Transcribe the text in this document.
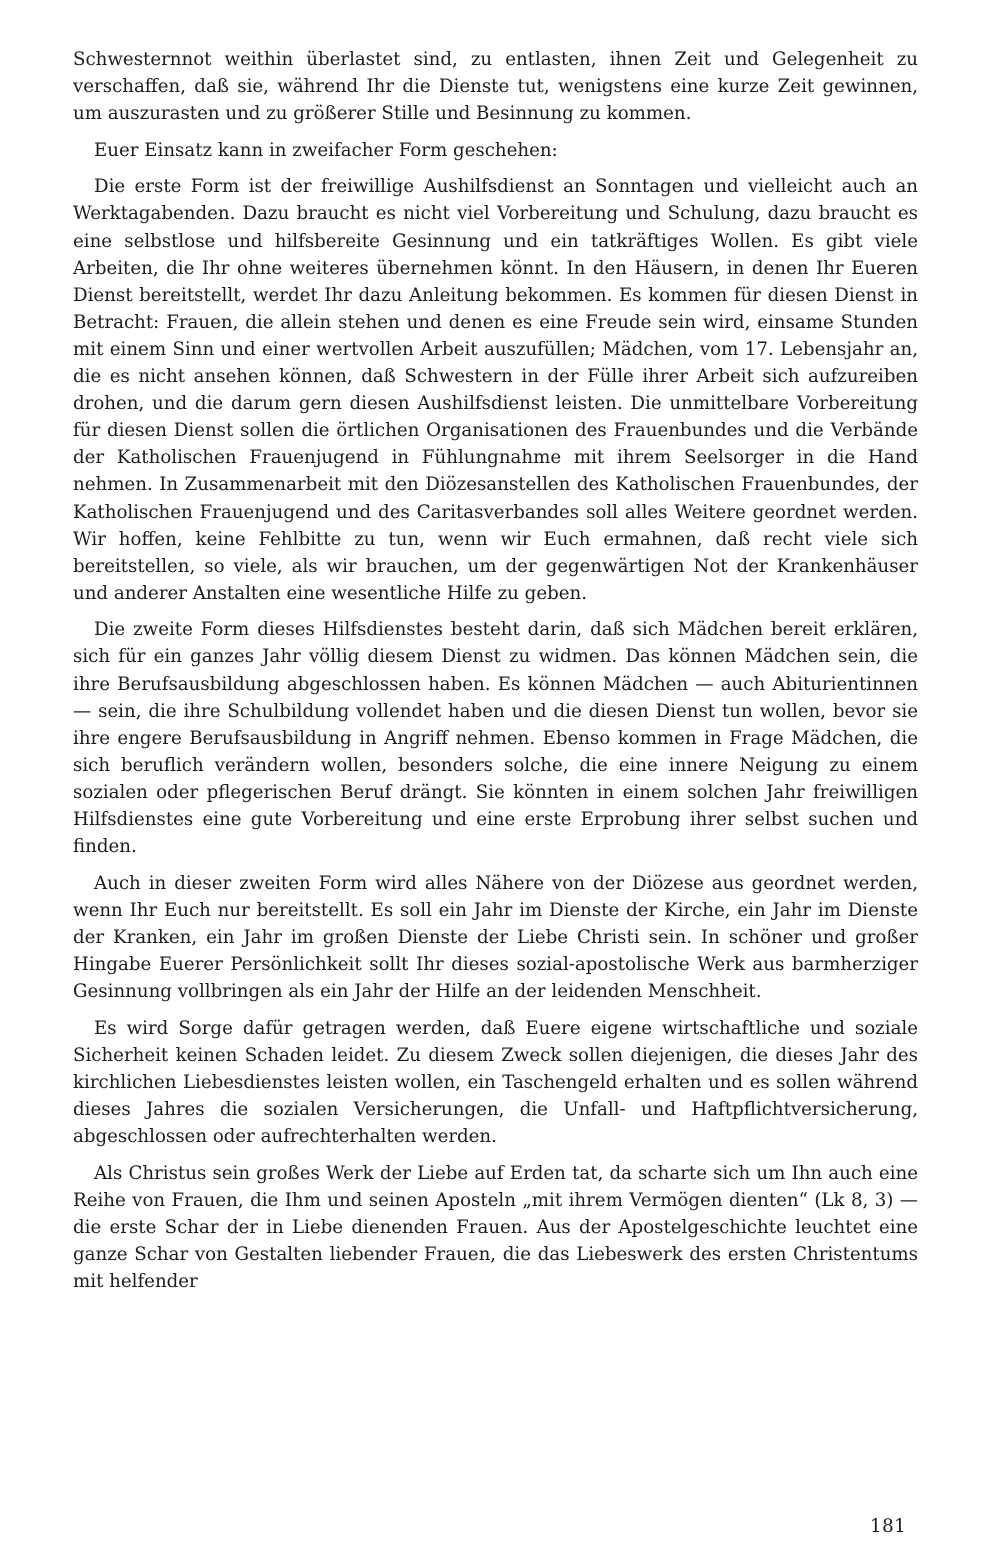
Schwesternnot weithin überlastet sind, zu entlasten, ihnen Zeit und Gelegenheit zu verschaffen, daß sie, während Ihr die Dienste tut, wenigstens eine kurze Zeit gewinnen, um auszurasten und zu größerer Stille und Besinnung zu kommen.

Euer Einsatz kann in zweifacher Form geschehen:

Die erste Form ist der freiwillige Aushilfsdienst an Sonntagen und vielleicht auch an Werktagabenden. Dazu braucht es nicht viel Vorbereitung und Schulung, dazu braucht es eine selbstlose und hilfsbereite Gesinnung und ein tatkräftiges Wollen. Es gibt viele Arbeiten, die Ihr ohne weiteres übernehmen könnt. In den Häusern, in denen Ihr Eueren Dienst bereitstellt, werdet Ihr dazu Anleitung bekommen. Es kommen für diesen Dienst in Betracht: Frauen, die allein stehen und denen es eine Freude sein wird, einsame Stunden mit einem Sinn und einer wertvollen Arbeit auszufüllen; Mädchen, vom 17. Lebensjahr an, die es nicht ansehen können, daß Schwestern in der Fülle ihrer Arbeit sich aufzureiben drohen, und die darum gern diesen Aushilfsdienst leisten. Die unmittelbare Vorbereitung für diesen Dienst sollen die örtlichen Organisationen des Frauenbundes und die Verbände der Katholischen Frauenjugend in Fühlungnahme mit ihrem Seelsorger in die Hand nehmen. In Zusammenarbeit mit den Diözesanstellen des Katholischen Frauenbundes, der Katholischen Frauenjugend und des Caritasverbandes soll alles Weitere geordnet werden. Wir hoffen, keine Fehlbitte zu tun, wenn wir Euch ermahnen, daß recht viele sich bereitstellen, so viele, als wir brauchen, um der gegenwärtigen Not der Krankenhäuser und anderer Anstalten eine wesentliche Hilfe zu geben.

Die zweite Form dieses Hilfsdienstes besteht darin, daß sich Mädchen bereit erklären, sich für ein ganzes Jahr völlig diesem Dienst zu widmen. Das können Mädchen sein, die ihre Berufsausbildung abgeschlossen haben. Es können Mädchen — auch Abiturientinnen — sein, die ihre Schulbildung vollendet haben und die diesen Dienst tun wollen, bevor sie ihre engere Berufsausbildung in Angriff nehmen. Ebenso kommen in Frage Mädchen, die sich beruflich verändern wollen, besonders solche, die eine innere Neigung zu einem sozialen oder pflegerischen Beruf drängt. Sie könnten in einem solchen Jahr freiwilligen Hilfsdienstes eine gute Vorbereitung und eine erste Erprobung ihrer selbst suchen und finden.

Auch in dieser zweiten Form wird alles Nähere von der Diözese aus geordnet werden, wenn Ihr Euch nur bereitstellt. Es soll ein Jahr im Dienste der Kirche, ein Jahr im Dienste der Kranken, ein Jahr im großen Dienste der Liebe Christi sein. In schöner und großer Hingabe Euerer Persönlichkeit sollt Ihr dieses sozial-apostolische Werk aus barmherziger Gesinnung vollbringen als ein Jahr der Hilfe an der leidenden Menschheit.

Es wird Sorge dafür getragen werden, daß Euere eigene wirtschaftliche und soziale Sicherheit keinen Schaden leidet. Zu diesem Zweck sollen diejenigen, die dieses Jahr des kirchlichen Liebesdienstes leisten wollen, ein Taschengeld erhalten und es sollen während dieses Jahres die sozialen Versicherungen, die Unfall- und Haftpflichtversicherung, abgeschlossen oder aufrechterhalten werden.

Als Christus sein großes Werk der Liebe auf Erden tat, da scharte sich um Ihn auch eine Reihe von Frauen, die Ihm und seinen Aposteln „mit ihrem Vermögen dienten“ (Lk 8, 3) — die erste Schar der in Liebe dienenden Frauen. Aus der Apostelgeschichte leuchtet eine ganze Schar von Gestalten liebender Frauen, die das Liebeswerk des ersten Christentums mit helfender

181
